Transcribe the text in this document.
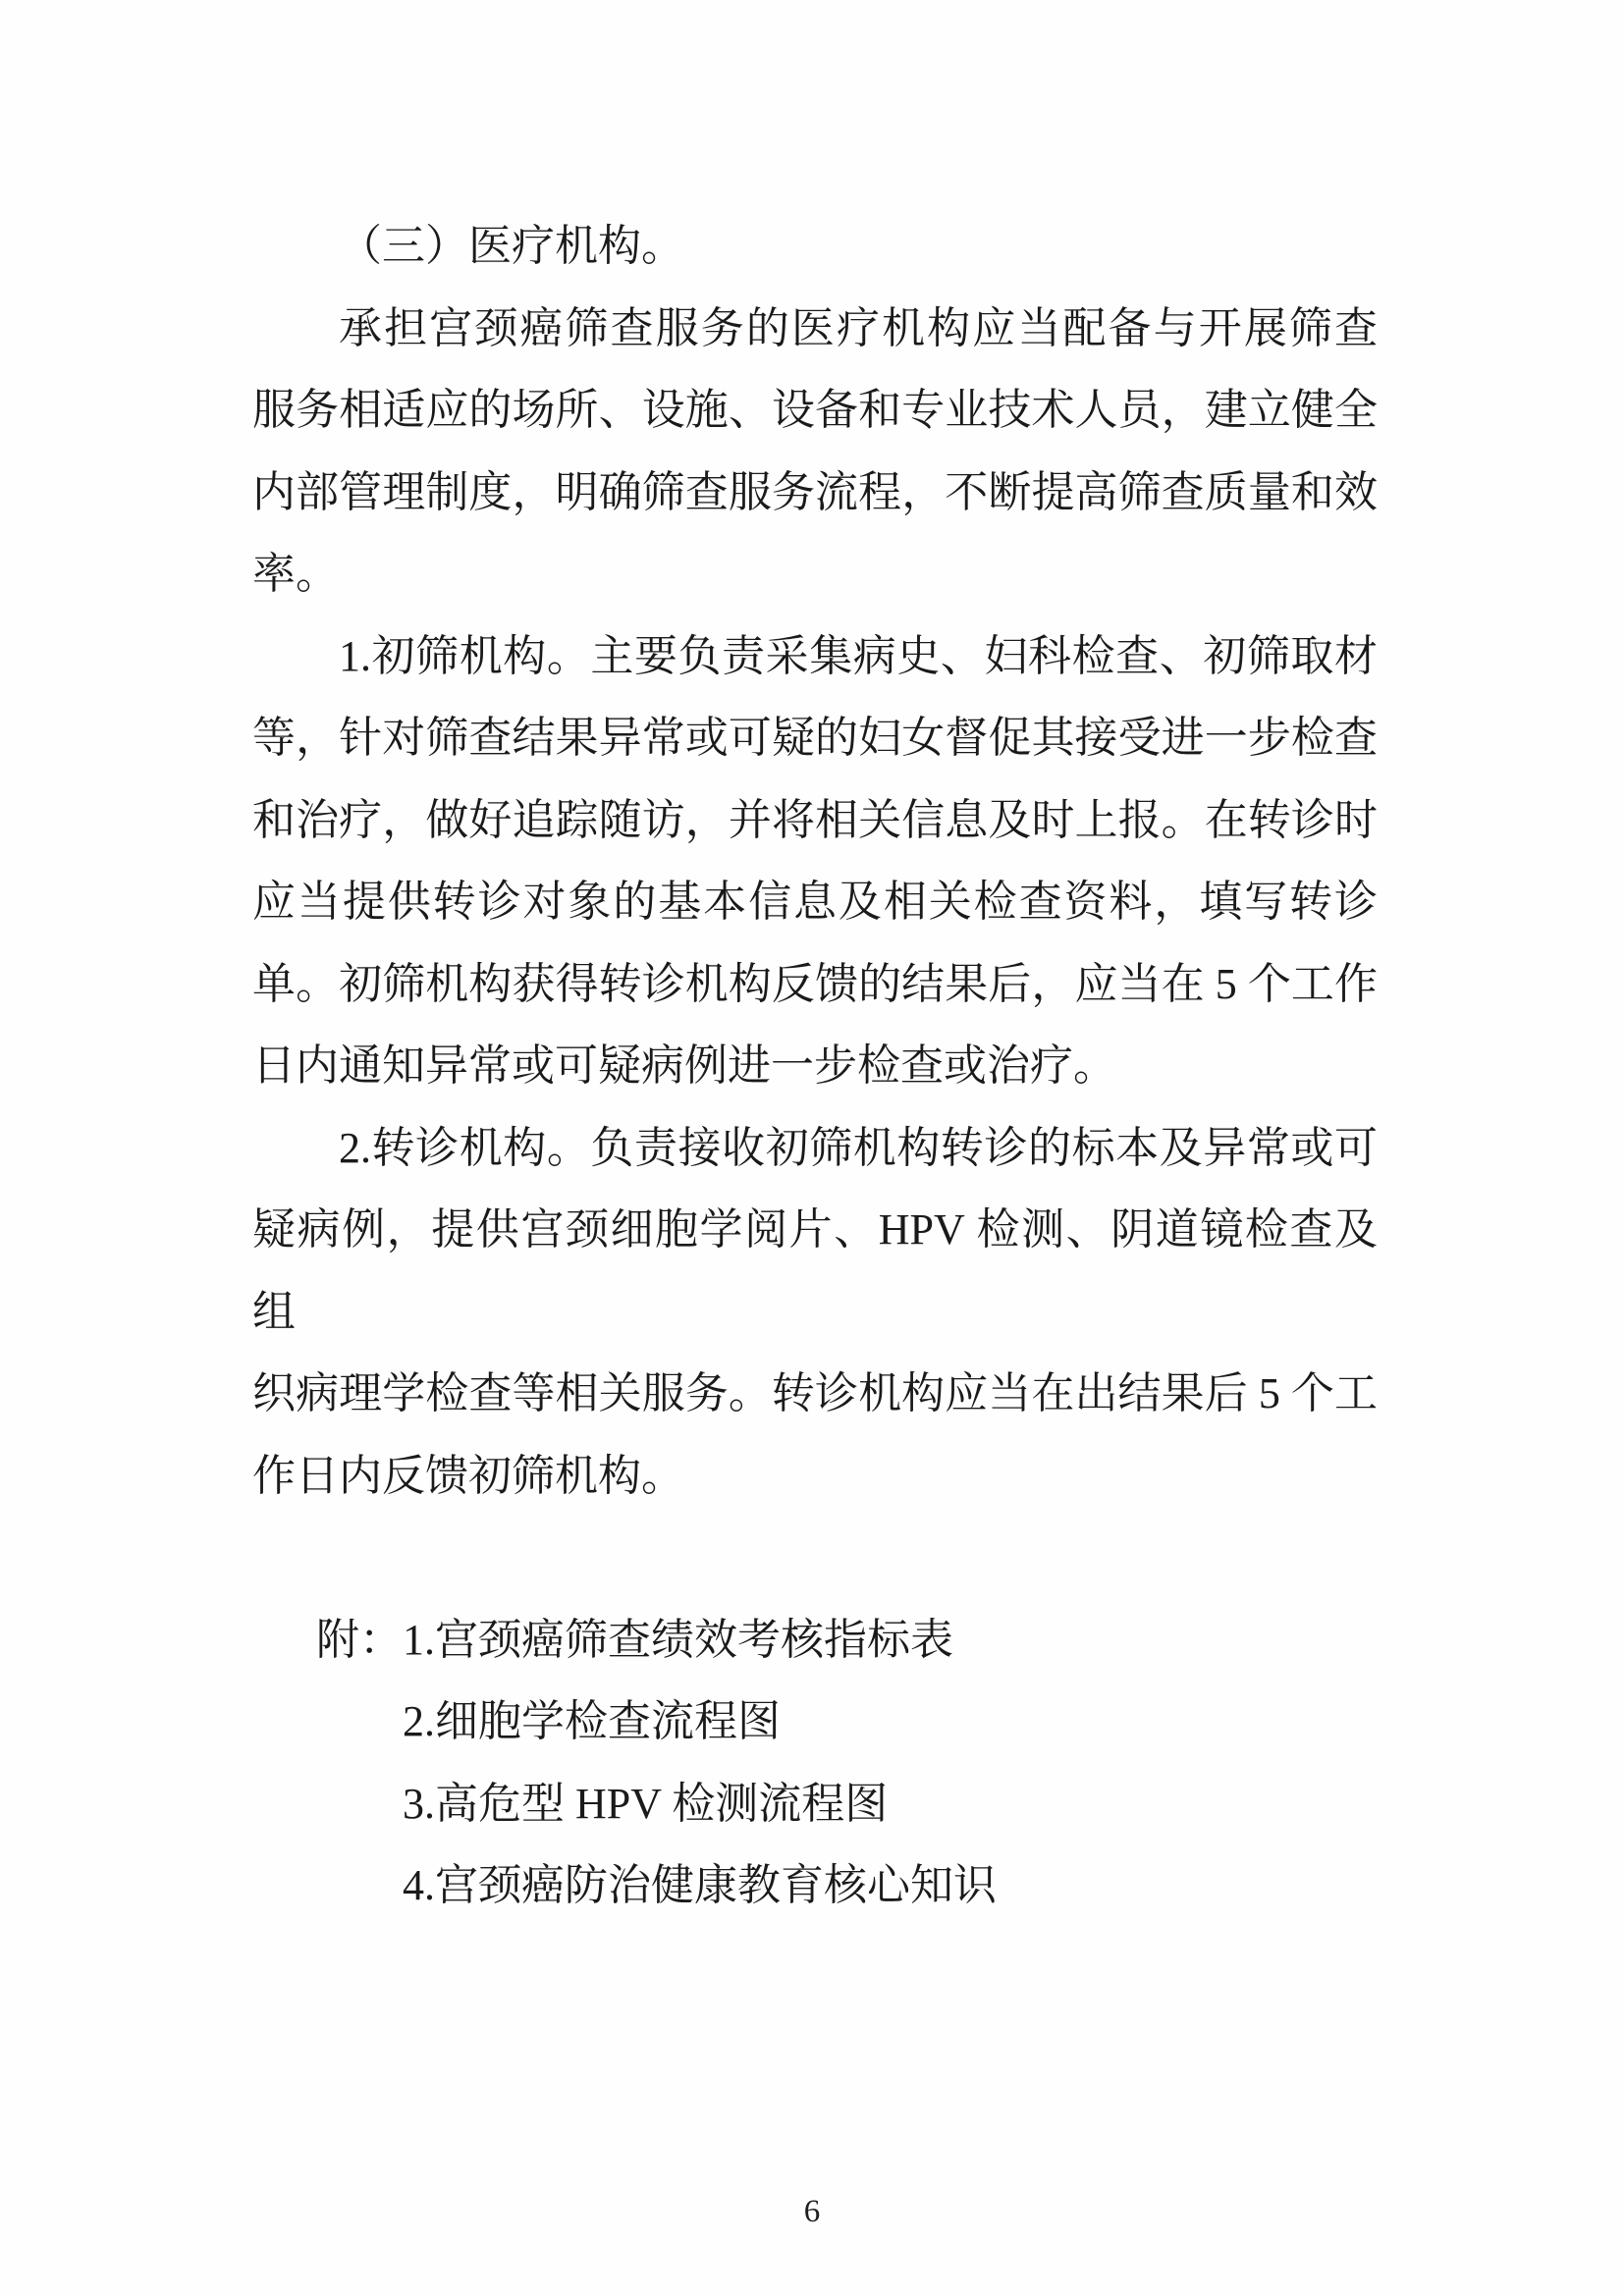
（三）医疗机构。
承担宫颈癌筛查服务的医疗机构应当配备与开展筛查
服务相适应的场所、设施、设备和专业技术人员，建立健全
内部管理制度，明确筛查服务流程，不断提高筛查质量和效
率。
1.初筛机构。主要负责采集病史、妇科检查、初筛取材
等，针对筛查结果异常或可疑的妇女督促其接受进一步检查
和治疗，做好追踪随访，并将相关信息及时上报。在转诊时
应当提供转诊对象的基本信息及相关检查资料，填写转诊
单。初筛机构获得转诊机构反馈的结果后，应当在 5 个工作
日内通知异常或可疑病例进一步检查或治疗。
2.转诊机构。负责接收初筛机构转诊的标本及异常或可
疑病例，提供宫颈细胞学阅片、HPV 检测、阴道镜检查及组
织病理学检查等相关服务。转诊机构应当在出结果后 5 个工
作日内反馈初筛机构。
附：1.宫颈癌筛查绩效考核指标表
2.细胞学检查流程图
3.高危型 HPV 检测流程图
4.宫颈癌防治健康教育核心知识
6
